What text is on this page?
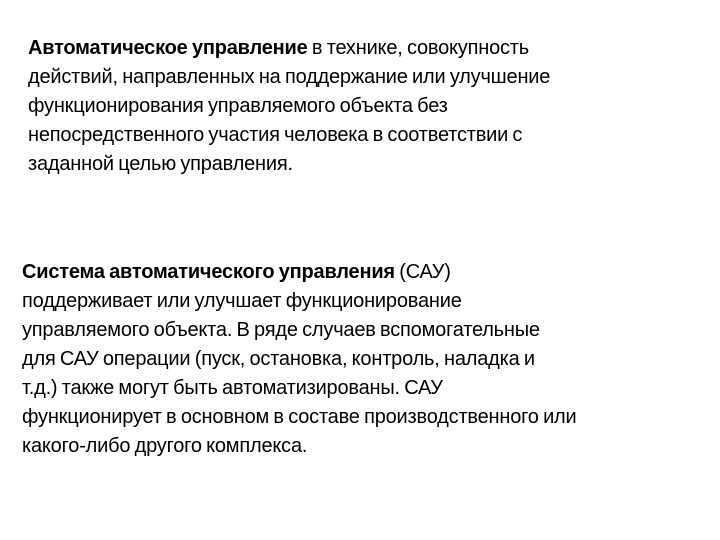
Автоматическое управление в технике, совокупность
действий, направленных на поддержание или улучшение
функционирования управляемого объекта без
непосредственного участия человека в соответствии с
заданной целью управления.
Система автоматического управления (САУ)
поддерживает или улучшает функционирование
управляемого объекта. В ряде случаев вспомогательные
для САУ операции (пуск, остановка, контроль, наладка и
т.д.) также могут быть автоматизированы. САУ
функционирует в основном в составе производственного или
какого-либо другого комплекса.
